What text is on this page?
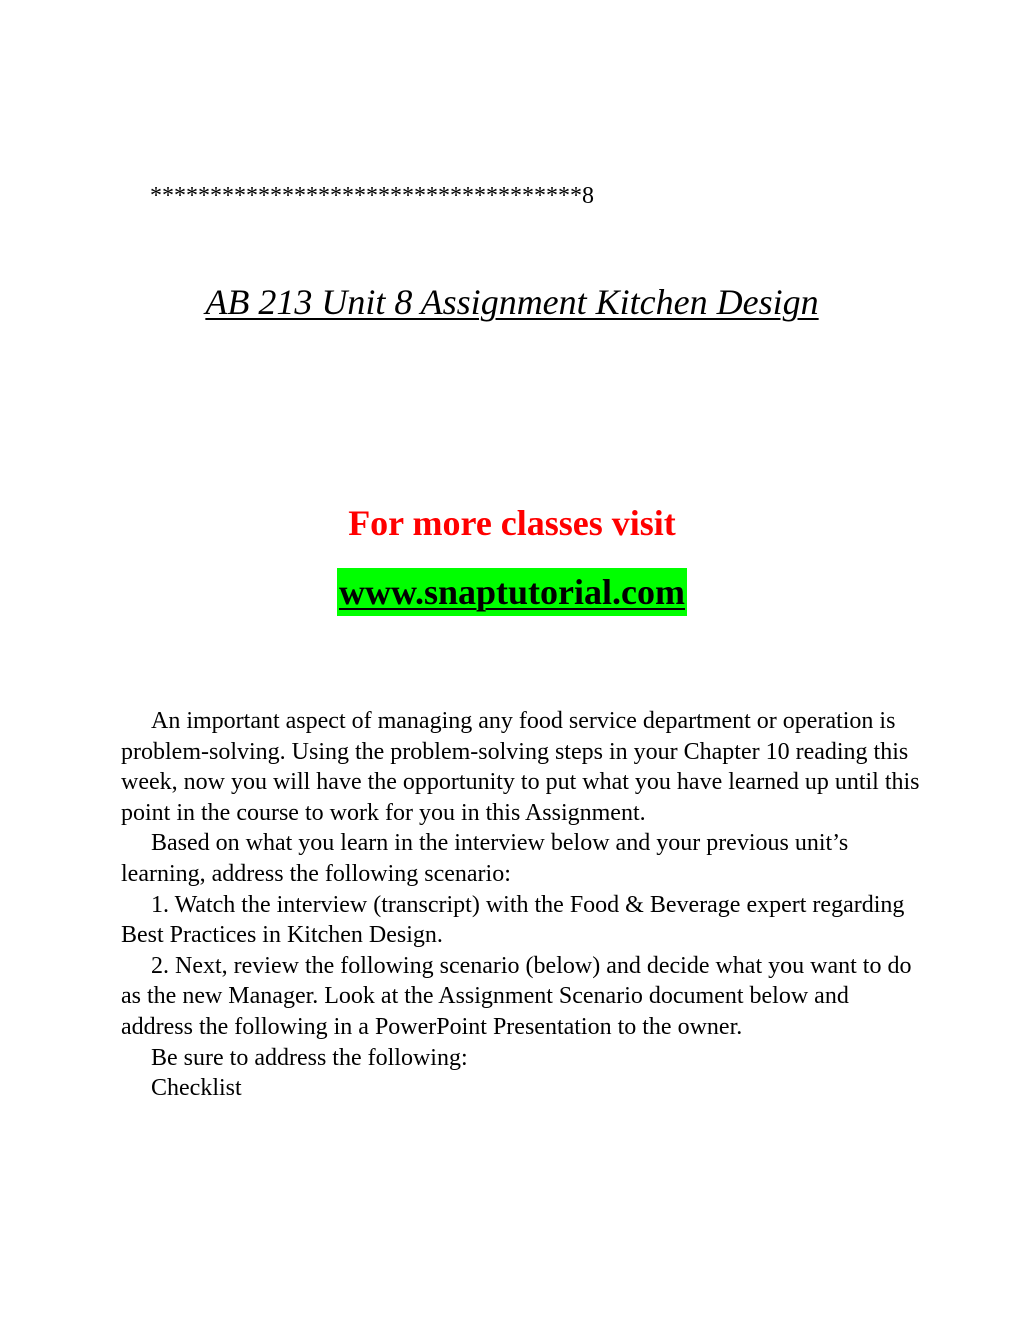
************************************8
AB 213 Unit 8 Assignment Kitchen Design
For more classes visit
www.snaptutorial.com

An important aspect of managing any food service department or operation is problem-solving. Using the problem-solving steps in your Chapter 10 reading this week, now you will have the opportunity to put what you have learned up until this point in the course to work for you in this Assignment.

Based on what you learn in the interview below and your previous unit’s learning, address the following scenario:

1. Watch the interview (transcript) with the Food & Beverage expert regarding Best Practices in Kitchen Design.

2. Next, review the following scenario (below) and decide what you want to do as the new Manager. Look at the Assignment Scenario document below and address the following in a PowerPoint Presentation to the owner.

Be sure to address the following:

Checklist
